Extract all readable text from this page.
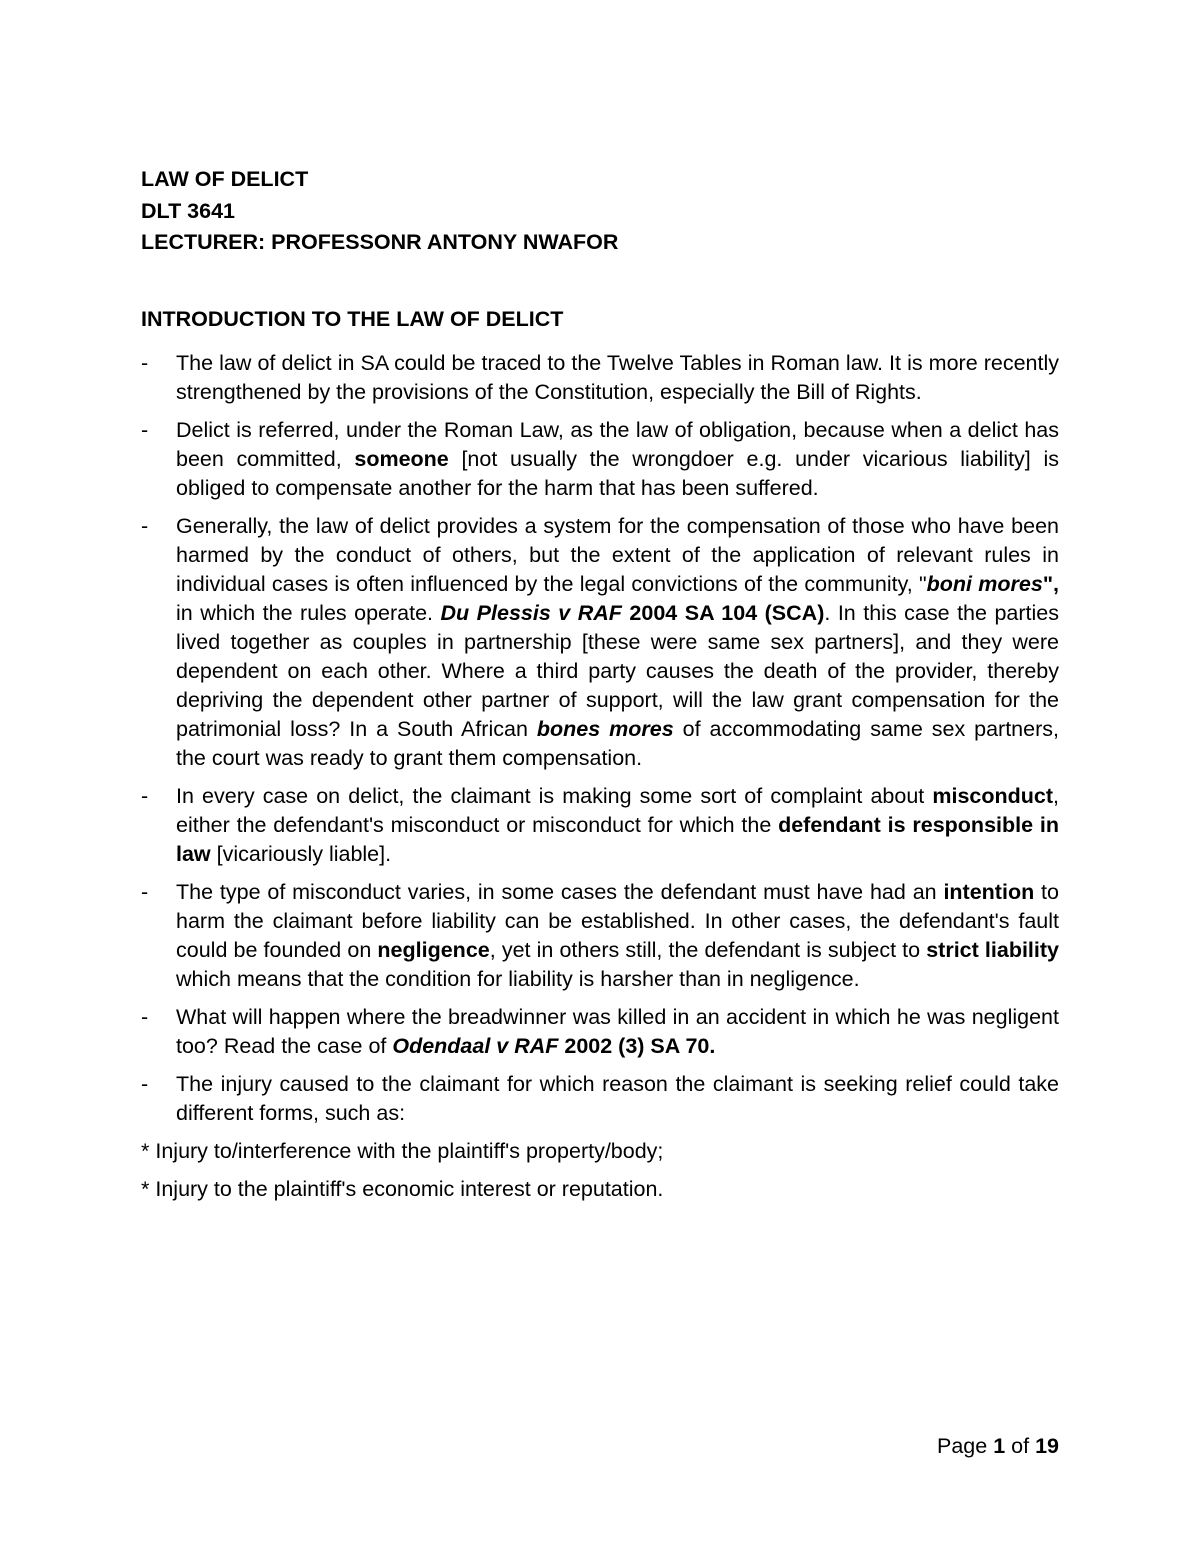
LAW OF DELICT
DLT 3641
LECTURER: PROFESSONR ANTONY NWAFOR
INTRODUCTION TO THE LAW OF DELICT
- The law of delict in SA could be traced to the Twelve Tables in Roman law. It is more recently strengthened by the provisions of the Constitution, especially the Bill of Rights.
- Delict is referred, under the Roman Law, as the law of obligation, because when a delict has been committed, someone [not usually the wrongdoer e.g. under vicarious liability] is obliged to compensate another for the harm that has been suffered.
- Generally, the law of delict provides a system for the compensation of those who have been harmed by the conduct of others, but the extent of the application of relevant rules in individual cases is often influenced by the legal convictions of the community, "boni mores", in which the rules operate. Du Plessis v RAF 2004 SA 104 (SCA). In this case the parties lived together as couples in partnership [these were same sex partners], and they were dependent on each other. Where a third party causes the death of the provider, thereby depriving the dependent other partner of support, will the law grant compensation for the patrimonial loss? In a South African bones mores of accommodating same sex partners, the court was ready to grant them compensation.
- In every case on delict, the claimant is making some sort of complaint about misconduct, either the defendant's misconduct or misconduct for which the defendant is responsible in law [vicariously liable].
- The type of misconduct varies, in some cases the defendant must have had an intention to harm the claimant before liability can be established. In other cases, the defendant's fault could be founded on negligence, yet in others still, the defendant is subject to strict liability which means that the condition for liability is harsher than in negligence.
- What will happen where the breadwinner was killed in an accident in which he was negligent too? Read the case of Odendaal v RAF 2002 (3) SA 70.
- The injury caused to the claimant for which reason the claimant is seeking relief could take different forms, such as:
* Injury to/interference with the plaintiff's property/body;
* Injury to the plaintiff's economic interest or reputation.
Page 1 of 19
